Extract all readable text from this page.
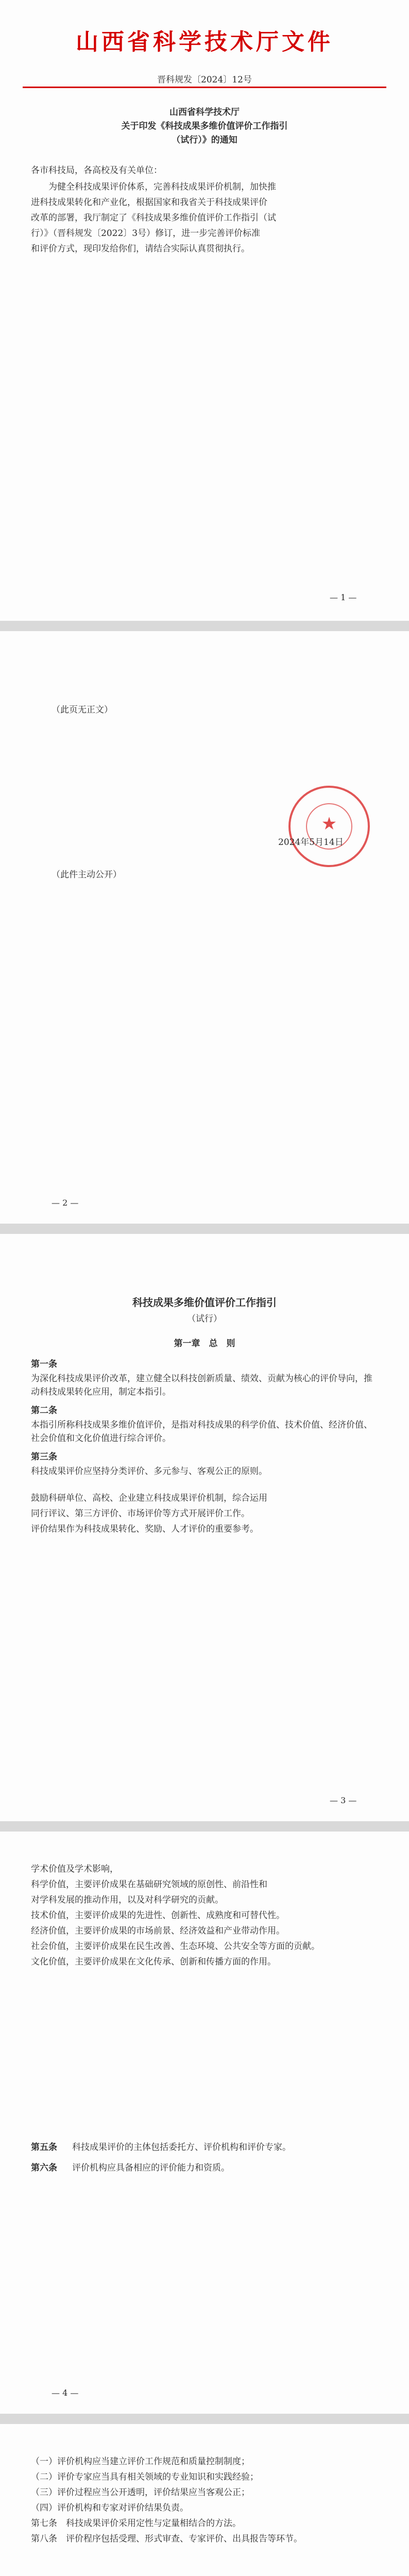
山西省科学技术厅文件
晋科规发〔2024〕12号
山西省科学技术厅
关于印发《科技成果多维价值评价工作指引
（试行）》的通知
各市科技局，各高校及有关单位：
　　为健全科技成果评价体系，完善科技成果评价机制，加快推
进科技成果转化和产业化，根据国家和我省关于科技成果评价
改革的部署，我厅制定了《科技成果多维价值评价工作指引（试
行）》（晋科规发〔2022〕3号）修订，进一步完善评价标准
和评价方式，现印发给你们，请结合实际认真贯彻执行。
— 1 —
（此页无正文）
★
2024年5月14日
（此件主动公开）
— 2 —
科技成果多维价值评价工作指引
（试行）
第一章　总　则
第一条
为深化科技成果评价改革，建立健全以科技创新质量、绩效、贡献为核心的评价导向，推动科技成果转化应用，制定本指引。
第二条
本指引所称科技成果多维价值评价，是指对科技成果的科学价值、技术价值、经济价值、社会价值和文化价值进行综合评价。
第三条
科技成果评价应坚持分类评价、多元参与、客观公正的原则。
鼓励科研单位、高校、企业建立科技成果评价机制，综合运用
同行评议、第三方评价、市场评价等方式开展评价工作。
评价结果作为科技成果转化、奖励、人才评价的重要参考。
— 3 —
学术价值及学术影响，
科学价值，主要评价成果在基础研究领域的原创性、前沿性和
对学科发展的推动作用，以及对科学研究的贡献。
技术价值，主要评价成果的先进性、创新性、成熟度和可替代性。
经济价值，主要评价成果的市场前景、经济效益和产业带动作用。
社会价值，主要评价成果在民生改善、生态环境、公共安全等方面的贡献。
文化价值，主要评价成果在文化传承、创新和传播方面的作用。
第五条 科技成果评价的主体包括委托方、评价机构和评价专家。
第六条 评价机构应具备相应的评价能力和资质。
— 4 —
（一）评价机构应当建立评价工作规范和质量控制制度；
（二）评价专家应当具有相关领域的专业知识和实践经验；
（三）评价过程应当公开透明，评价结果应当客观公正；
（四）评价机构和专家对评价结果负责。
第七条　科技成果评价采用定性与定量相结合的方法。
第八条　评价程序包括受理、形式审查、专家评价、出具报告等环节。
